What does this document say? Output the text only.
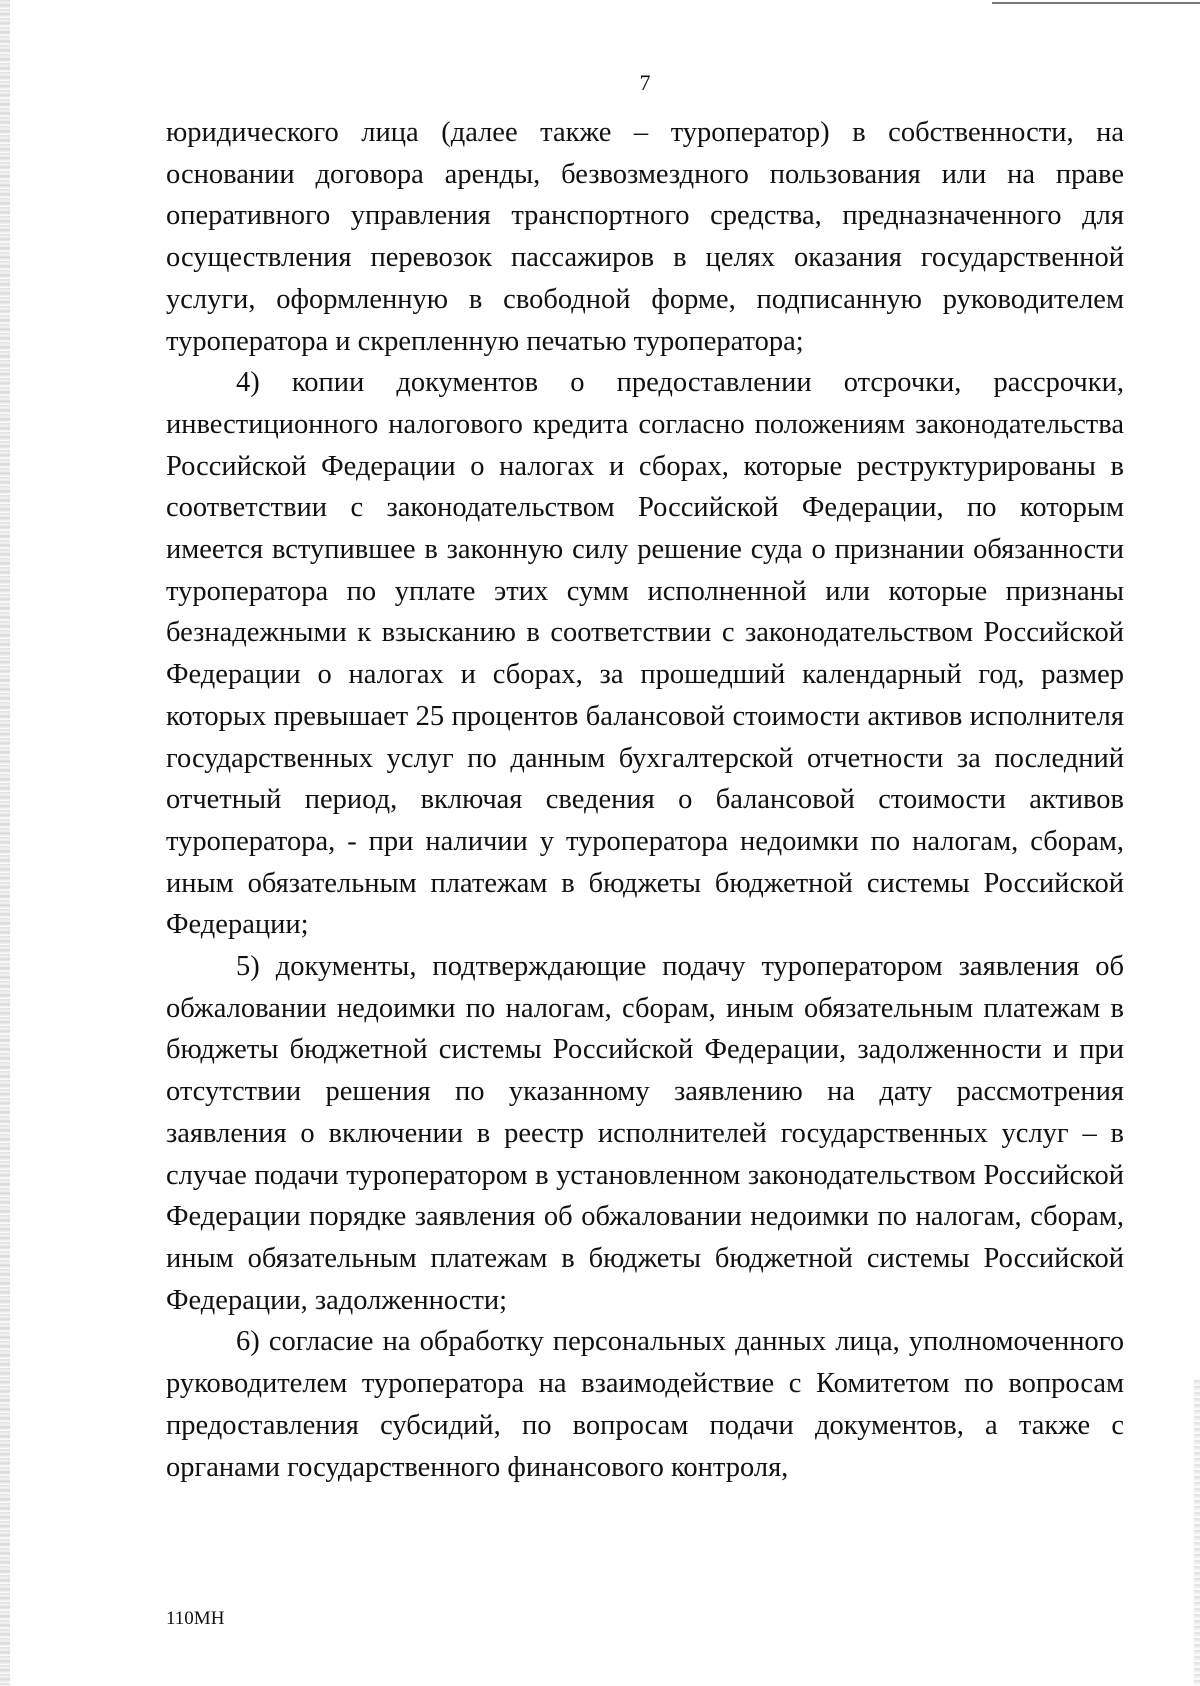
7

юридического лица (далее также – туроператор) в собственности, на основании договора аренды, безвозмездного пользования или на праве оперативного управления транспортного средства, предназначенного для осуществления перевозок пассажиров в целях оказания государственной услуги, оформленную в свободной форме, подписанную руководителем туроператора и скрепленную печатью туроператора;

4) копии документов о предоставлении отсрочки, рассрочки, инвестиционного налогового кредита согласно положениям законодательства Российской Федерации о налогах и сборах, которые реструктурированы в соответствии с законодательством Российской Федерации, по которым имеется вступившее в законную силу решение суда о признании обязанности туроператора по уплате этих сумм исполненной или которые признаны безнадежными к взысканию в соответствии с законодательством Российской Федерации о налогах и сборах, за прошедший календарный год, размер которых превышает 25 процентов балансовой стоимости активов исполнителя государственных услуг по данным бухгалтерской отчетности за последний отчетный период, включая сведения о балансовой стоимости активов туроператора, - при наличии у туроператора недоимки по налогам, сборам, иным обязательным платежам в бюджеты бюджетной системы Российской Федерации;

5) документы, подтверждающие подачу туроператором заявления об обжаловании недоимки по налогам, сборам, иным обязательным платежам в бюджеты бюджетной системы Российской Федерации, задолженности и при отсутствии решения по указанному заявлению на дату рассмотрения заявления о включении в реестр исполнителей государственных услуг – в случае подачи туроператором в установленном законодательством Российской Федерации порядке заявления об обжаловании недоимки по налогам, сборам, иным обязательным платежам в бюджеты бюджетной системы Российской Федерации, задолженности;

6) согласие на обработку персональных данных лица, уполномоченного руководителем туроператора на взаимодействие с Комитетом по вопросам предоставления субсидий, по вопросам подачи документов, а также с органами государственного финансового контроля,

110МН
